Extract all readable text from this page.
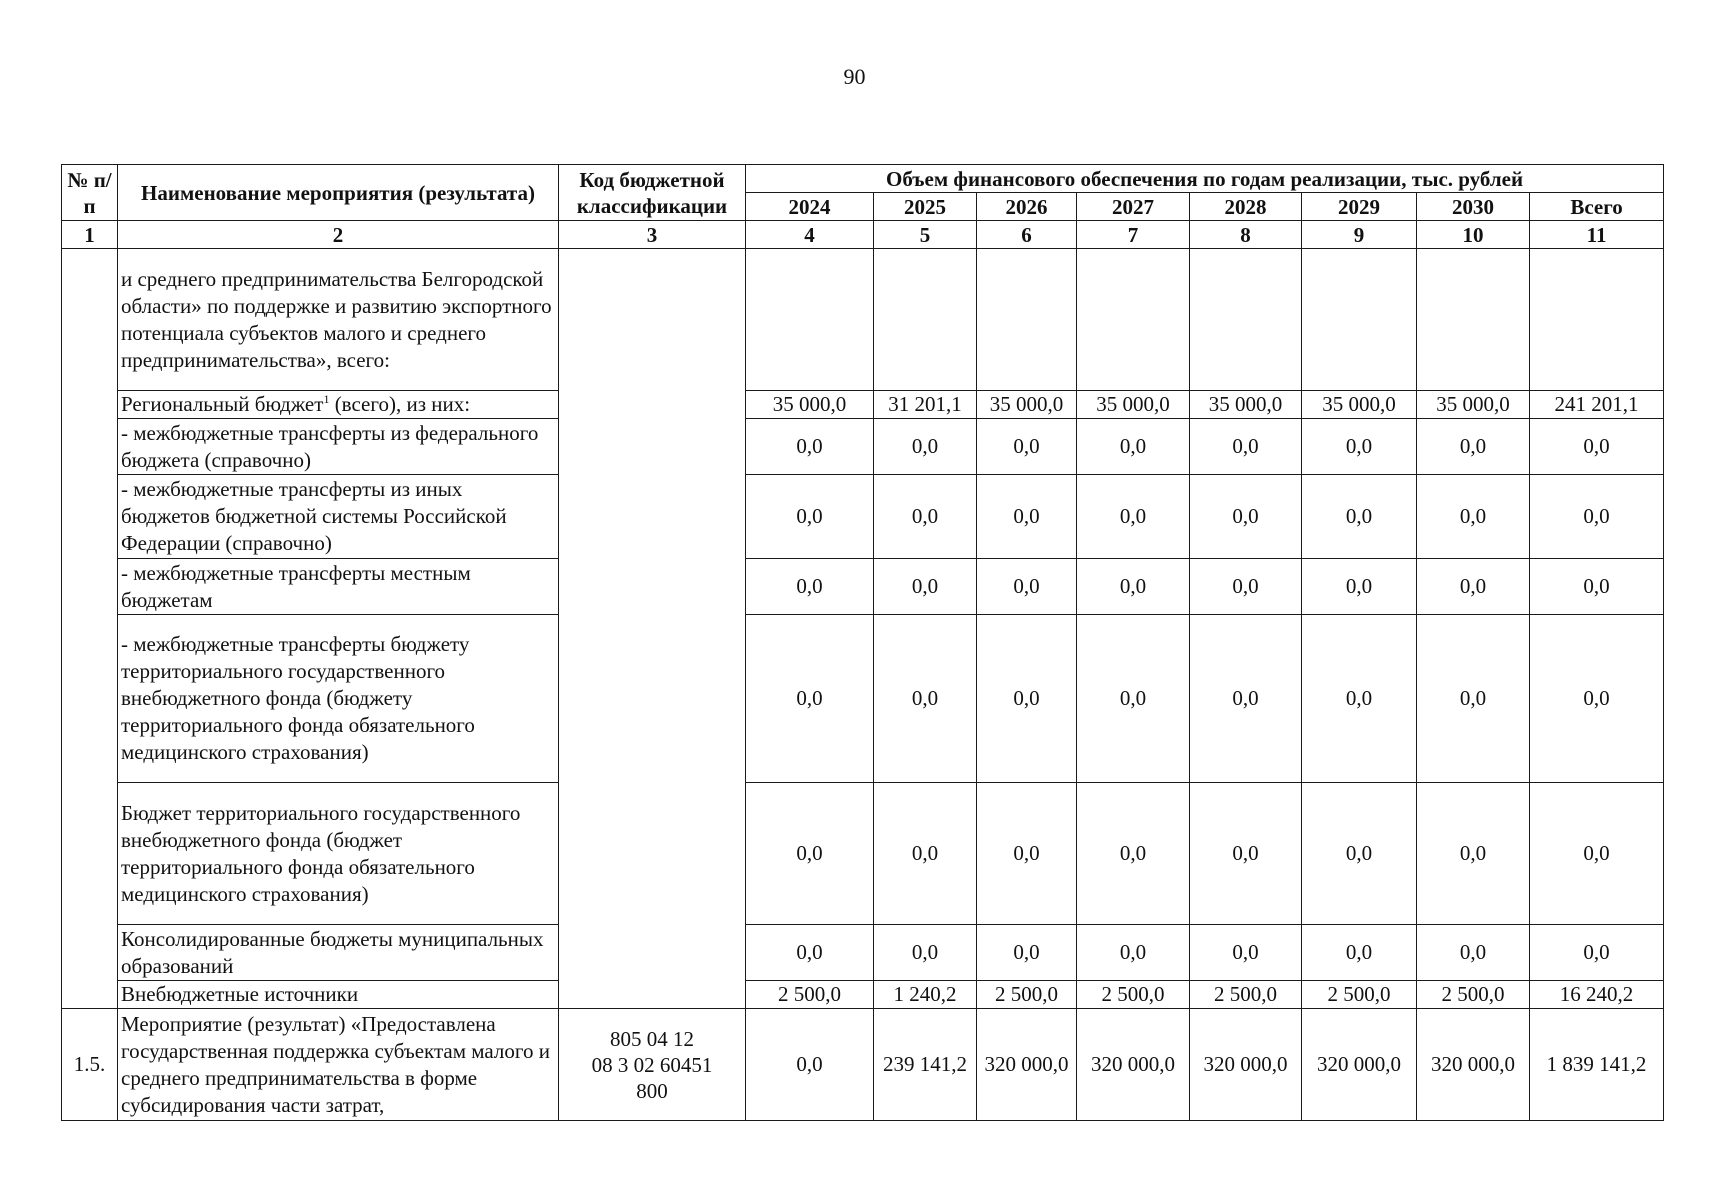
90
№ п/п	Наименование мероприятия (результата)	Код бюджетной классификации	Объем финансового обеспечения по годам реализации, тыс. рублей							
			2024	2025	2026	2027	2028	2029	2030	Всего
1	2	3	4	5	6	7	8	9	10	11
	и среднего предпринимательства Белгородской области» по поддержке и развитию экспортного потенциала субъектов малого и среднего предпринимательства», всего:									
	Региональный бюджет$^1$ (всего), из них:		35 000,0	31 201,1	35 000,0	35 000,0	35 000,0	35 000,0	35 000,0	241 201,1
	- межбюджетные трансферты из федерального бюджета (справочно)		0,0	0,0	0,0	0,0	0,0	0,0	0,0	0,0
	- межбюджетные трансферты из иных бюджетов бюджетной системы Российской Федерации (справочно)		0,0	0,0	0,0	0,0	0,0	0,0	0,0	0,0
	- межбюджетные трансферты местным бюджетам		0,0	0,0	0,0	0,0	0,0	0,0	0,0	0,0
	- межбюджетные трансферты бюджету территориального государственного внебюджетного фонда (бюджету территориального фонда обязательного медицинского страхования)		0,0	0,0	0,0	0,0	0,0	0,0	0,0	0,0
	Бюджет территориального государственного внебюджетного фонда (бюджет территориального фонда обязательного медицинского страхования)		0,0	0,0	0,0	0,0	0,0	0,0	0,0	0,0
	Консолидированные бюджеты муниципальных образований		0,0	0,0	0,0	0,0	0,0	0,0	0,0	0,0
	Внебюджетные источники		2 500,0	1 240,2	2 500,0	2 500,0	2 500,0	2 500,0	2 500,0	16 240,2
1.5.	Мероприятие (результат) «Предоставлена государственная поддержка субъектам малого и среднего предпринимательства в форме субсидирования части затрат,	805 04 12
08 3 02 60451
800	0,0	239 141,2	320 000,0	320 000,0	320 000,0	320 000,0	320 000,0	1 839 141,2
